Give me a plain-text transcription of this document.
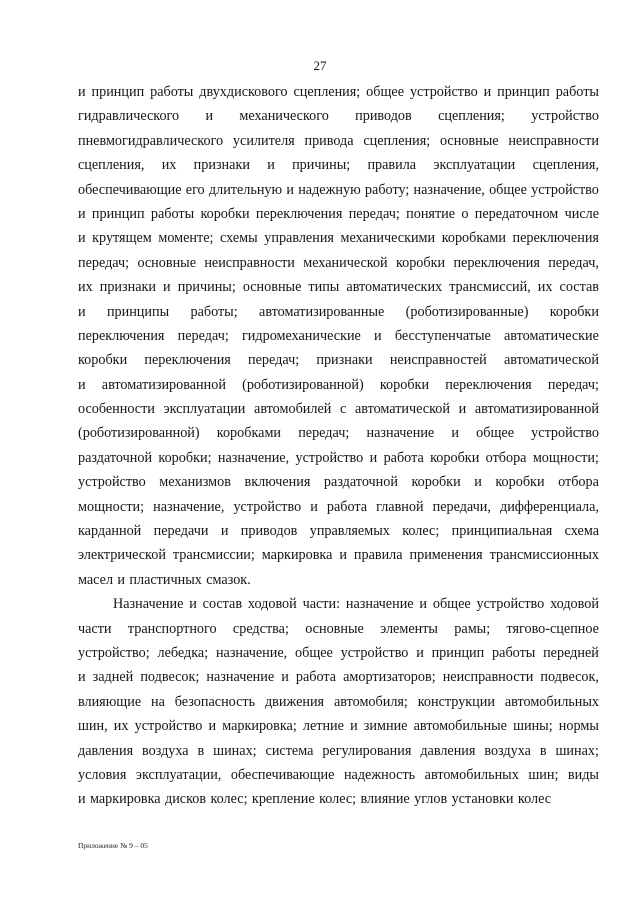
27
и принцип работы двухдискового сцепления; общее устройство и принцип работы
гидравлического и механического приводов сцепления; устройство
пневмогидравлического усилителя привода сцепления; основные неисправности
сцепления, их признаки и причины; правила эксплуатации сцепления,
обеспечивающие его длительную и надежную работу; назначение, общее устройство
и принцип работы коробки переключения передач; понятие о передаточном числе
и крутящем моменте; схемы управления механическими коробками переключения
передач; основные неисправности механической коробки переключения передач,
их признаки и причины; основные типы автоматических трансмиссий, их состав
и принципы работы; автоматизированные (роботизированные) коробки
переключения передач; гидромеханические и бесступенчатые автоматические
коробки переключения передач; признаки неисправностей автоматической
и автоматизированной (роботизированной) коробки переключения передач;
особенности эксплуатации автомобилей с автоматической и автоматизированной
(роботизированной) коробками передач; назначение и общее устройство
раздаточной коробки; назначение, устройство и работа коробки отбора мощности;
устройство механизмов включения раздаточной коробки и коробки отбора
мощности; назначение, устройство и работа главной передачи, дифференциала,
карданной передачи и приводов управляемых колес; принципиальная схема
электрической трансмиссии; маркировка и правила применения трансмиссионных
масел и пластичных смазок.
Назначение и состав ходовой части: назначение и общее устройство ходовой
части транспортного средства; основные элементы рамы; тягово-сцепное
устройство; лебедка; назначение, общее устройство и принцип работы передней
и задней подвесок; назначение и работа амортизаторов; неисправности подвесок,
влияющие на безопасность движения автомобиля; конструкции автомобильных
шин, их устройство и маркировка; летние и зимние автомобильные шины; нормы
давления воздуха в шинах; система регулирования давления воздуха в шинах;
условия эксплуатации, обеспечивающие надежность автомобильных шин; виды
и маркировка дисков колес; крепление колес; влияние углов установки колес
Приложение № 9 – 05
